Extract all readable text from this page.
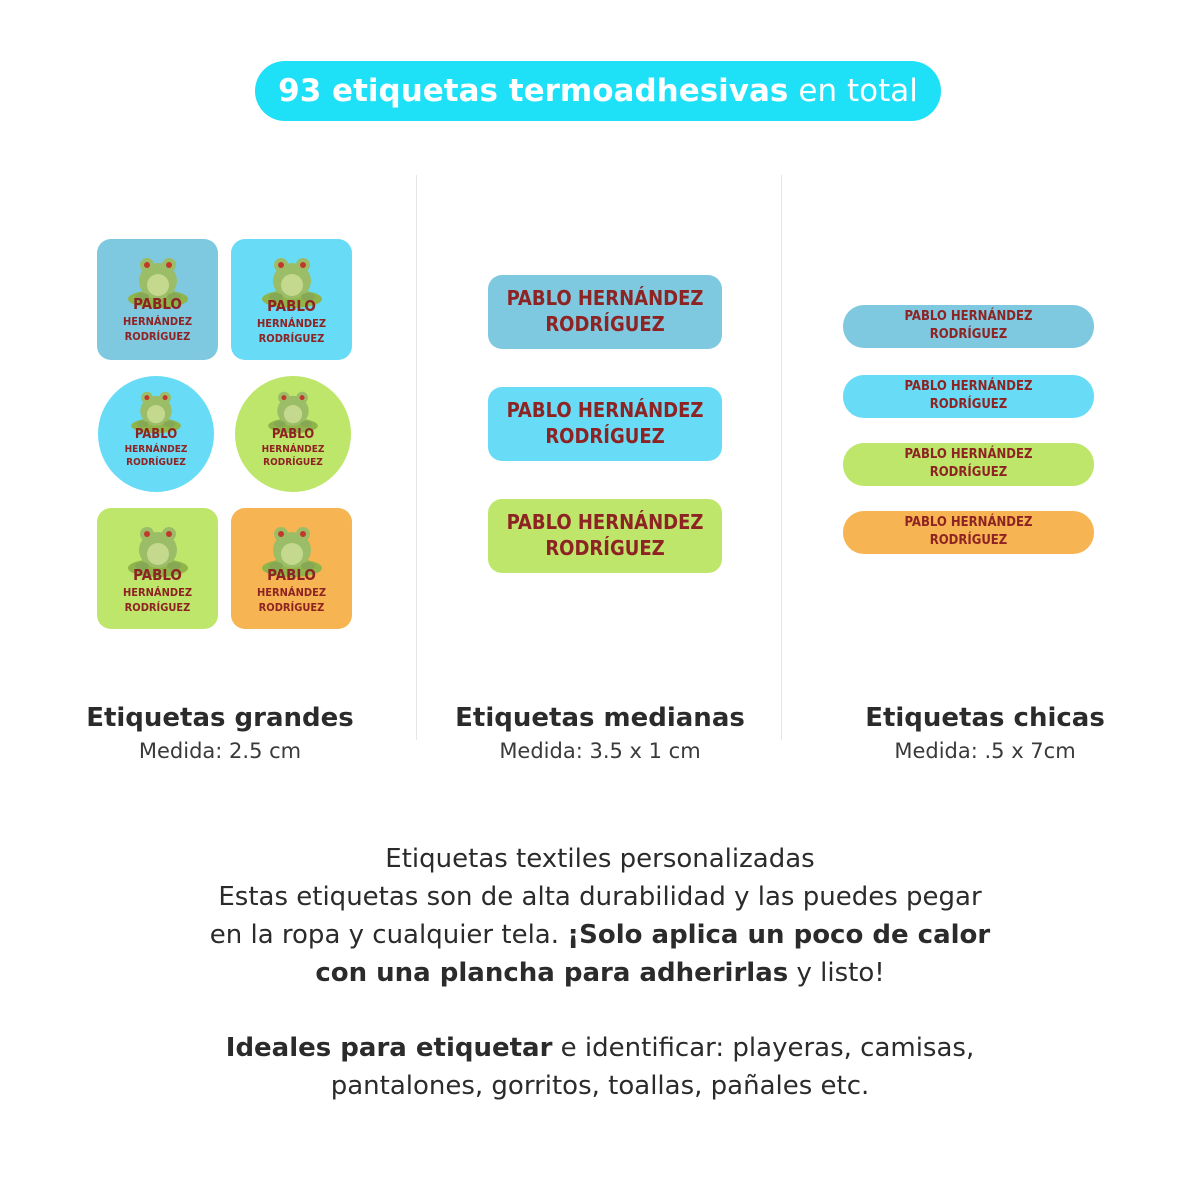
93 etiquetas termoadhesivas en total
PABLO
HERNÁNDEZ
RODRÍGUEZ
PABLO
HERNÁNDEZ
RODRÍGUEZ
PABLO
HERNÁNDEZ
RODRÍGUEZ
PABLO
HERNÁNDEZ
RODRÍGUEZ
PABLO
HERNÁNDEZ
RODRÍGUEZ
PABLO
HERNÁNDEZ
RODRÍGUEZ
PABLO HERNÁNDEZ
RODRÍGUEZ
PABLO HERNÁNDEZ
RODRÍGUEZ
PABLO HERNÁNDEZ
RODRÍGUEZ
PABLO HERNÁNDEZ
RODRÍGUEZ
PABLO HERNÁNDEZ
RODRÍGUEZ
PABLO HERNÁNDEZ
RODRÍGUEZ
PABLO HERNÁNDEZ
RODRÍGUEZ
Etiquetas grandes
Medida: 2.5 cm
Etiquetas medianas
Medida: 3.5 x 1 cm
Etiquetas chicas
Medida: .5 x 7cm
Etiquetas textiles personalizadas
Estas etiquetas son de alta durabilidad y las puedes pegar
en la ropa y cualquier tela. ¡Solo aplica un poco de calor
con una plancha para adherirlas y listo!
Ideales para etiquetar e identificar: playeras, camisas,
pantalones, gorritos, toallas, pañales etc.
